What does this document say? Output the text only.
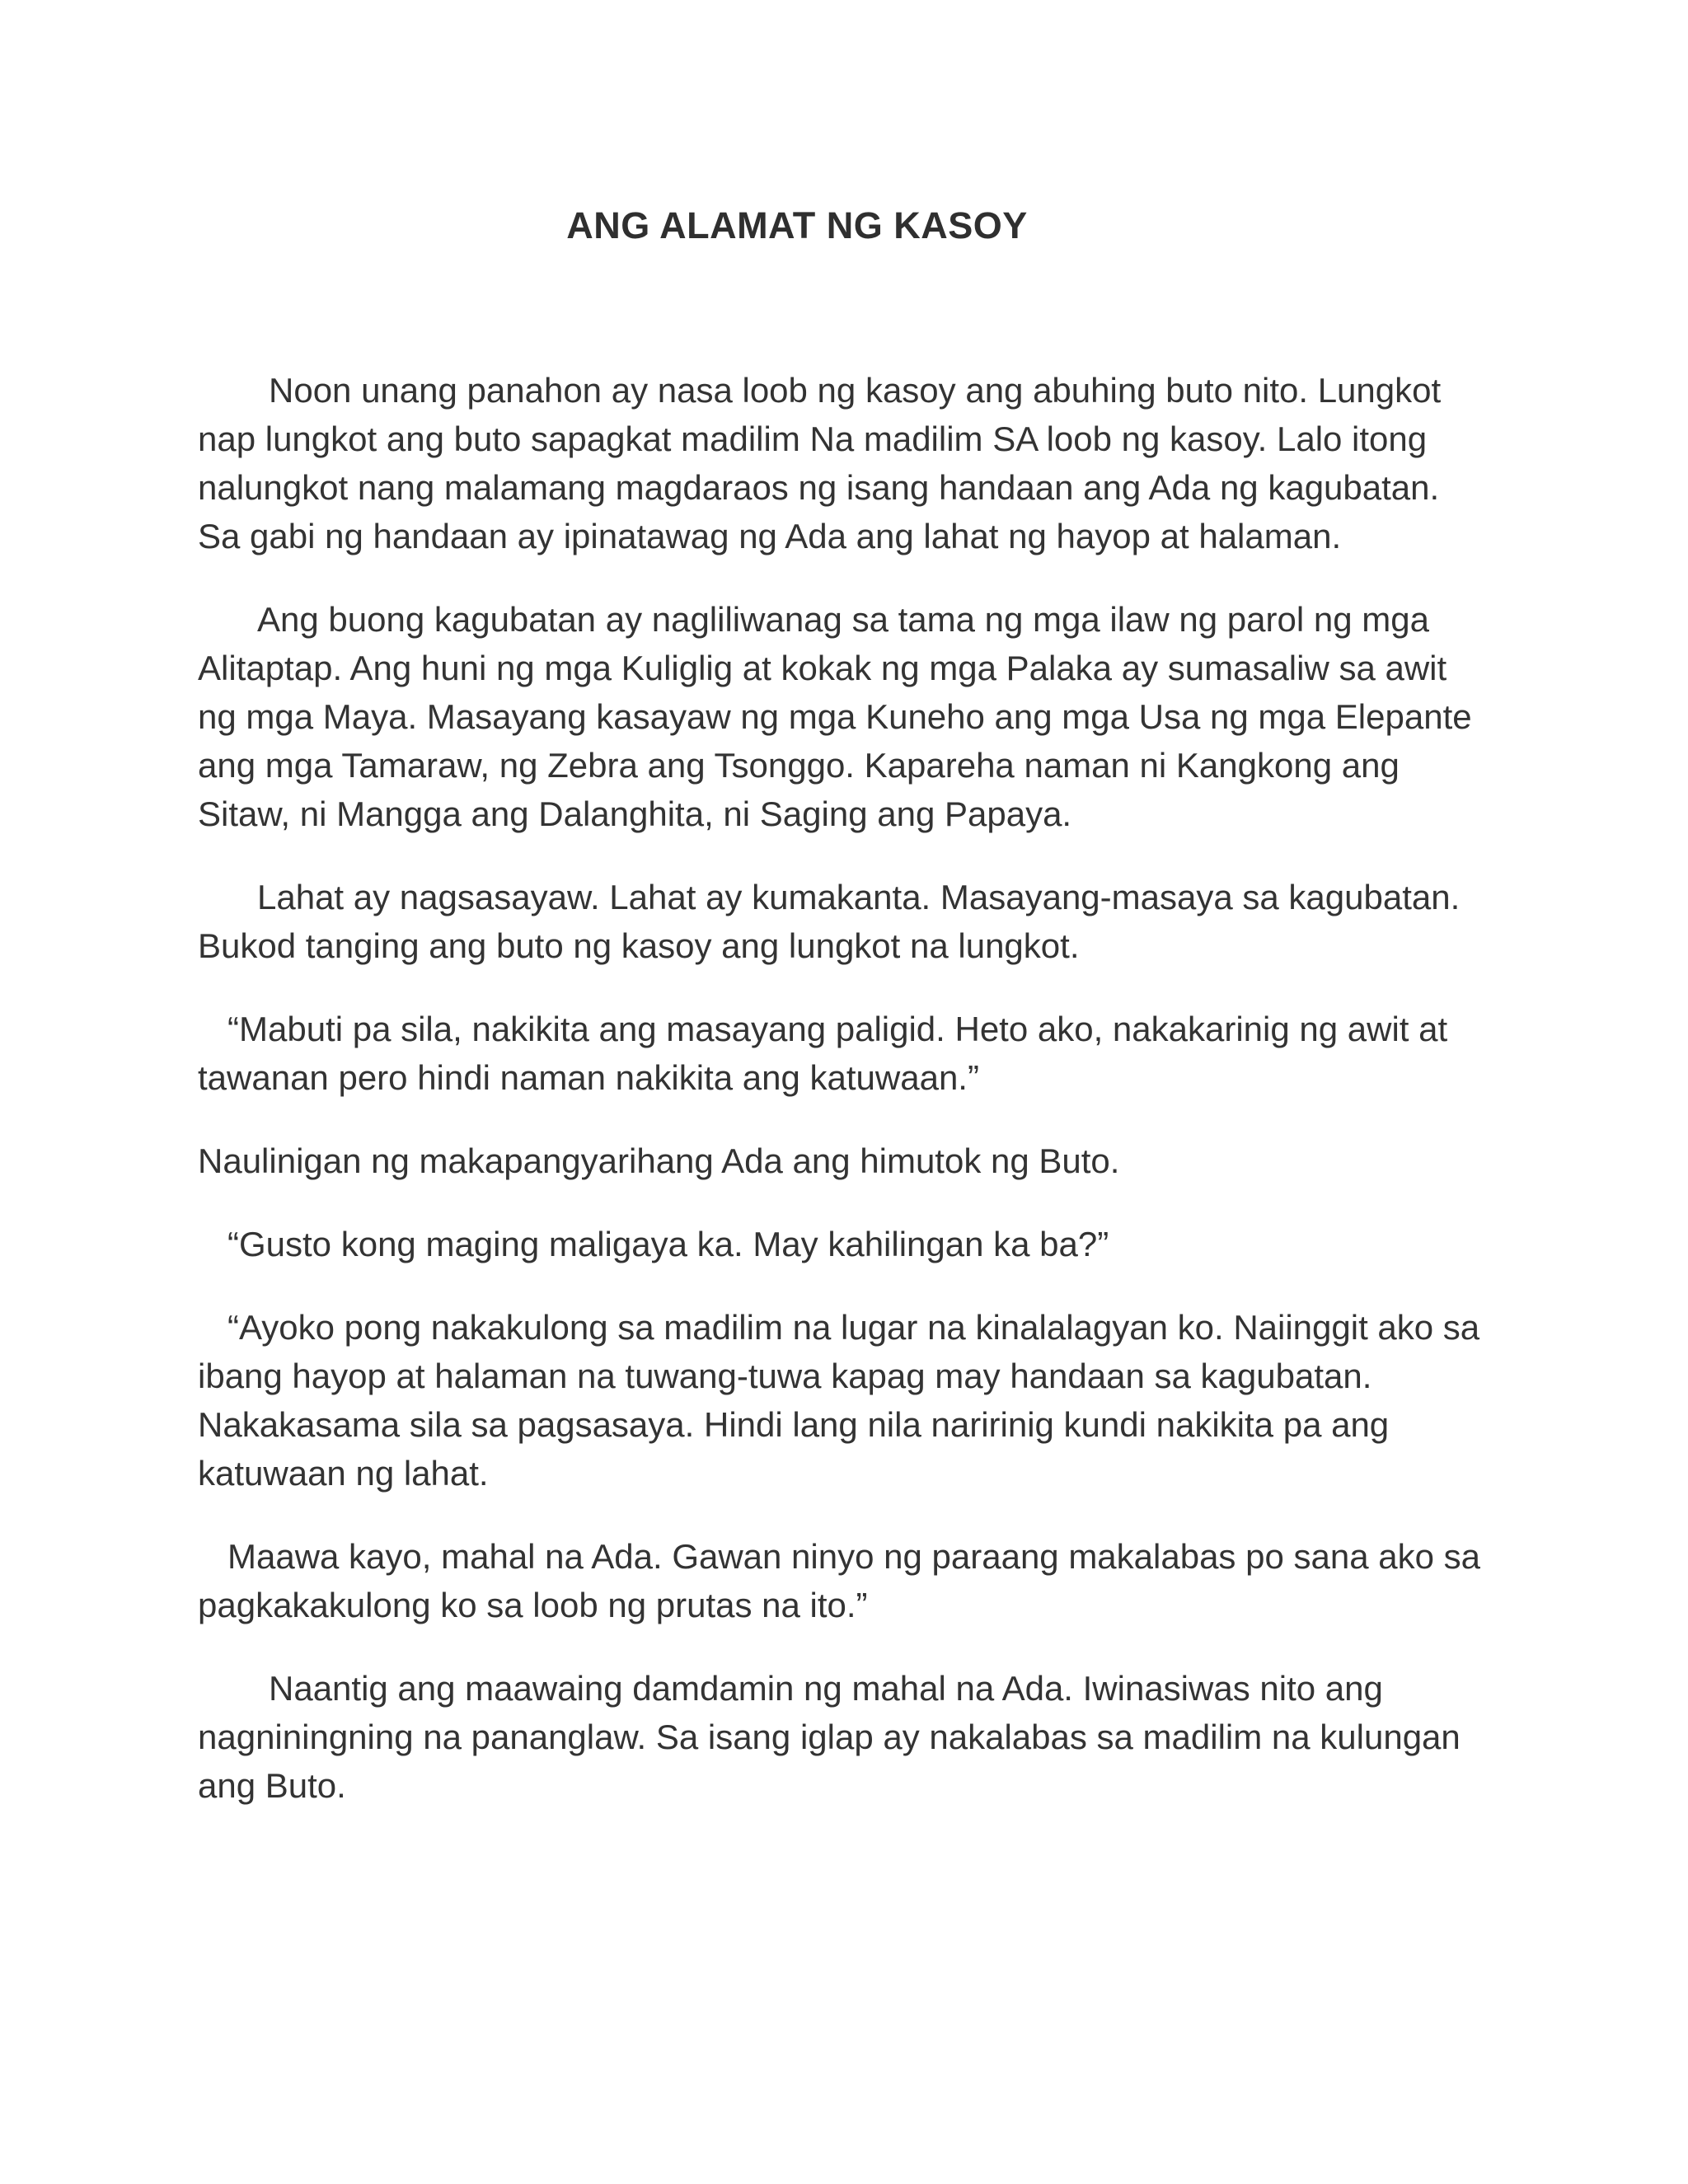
ANG ALAMAT NG KASOY

Noon unang panahon ay nasa loob ng kasoy ang abuhing buto nito. Lungkot nap lungkot ang buto sapagkat madilim Na madilim SA loob ng kasoy. Lalo itong nalungkot nang malamang magdaraos ng isang handaan ang Ada ng kagubatan. Sa gabi ng handaan ay ipinatawag ng Ada ang lahat ng hayop at halaman.

Ang buong kagubatan ay nagliliwanag sa tama ng mga ilaw ng parol ng mga Alitaptap. Ang huni ng mga Kuliglig at kokak ng mga Palaka ay sumasaliw sa awit ng mga Maya. Masayang kasayaw ng mga Kuneho ang mga Usa ng mga Elepante ang mga Tamaraw, ng Zebra ang Tsonggo. Kapareha naman ni Kangkong ang Sitaw, ni Mangga ang Dalanghita, ni Saging ang Papaya.

Lahat ay nagsasayaw. Lahat ay kumakanta. Masayang-masaya sa kagubatan. Bukod tanging ang buto ng kasoy ang lungkot na lungkot.

“Mabuti pa sila, nakikita ang masayang paligid. Heto ako, nakakarinig ng awit at tawanan pero hindi naman nakikita ang katuwaan.”

Naulinigan ng makapangyarihang Ada ang himutok ng Buto.

“Gusto kong maging maligaya ka. May kahilingan ka ba?”

“Ayoko pong nakakulong sa madilim na lugar na kinalalagyan ko. Naiinggit ako sa ibang hayop at halaman na tuwang-tuwa kapag may handaan sa kagubatan. Nakakasama sila sa pagsasaya. Hindi lang nila naririnig kundi nakikita pa ang katuwaan ng lahat.

Maawa kayo, mahal na Ada. Gawan ninyo ng paraang makalabas po sana ako sa pagkakakulong ko sa loob ng prutas na ito.”

Naantig ang maawaing damdamin ng mahal na Ada. Iwinasiwas nito ang nagniningning na pananglaw. Sa isang iglap ay nakalabas sa madilim na kulungan ang Buto.
